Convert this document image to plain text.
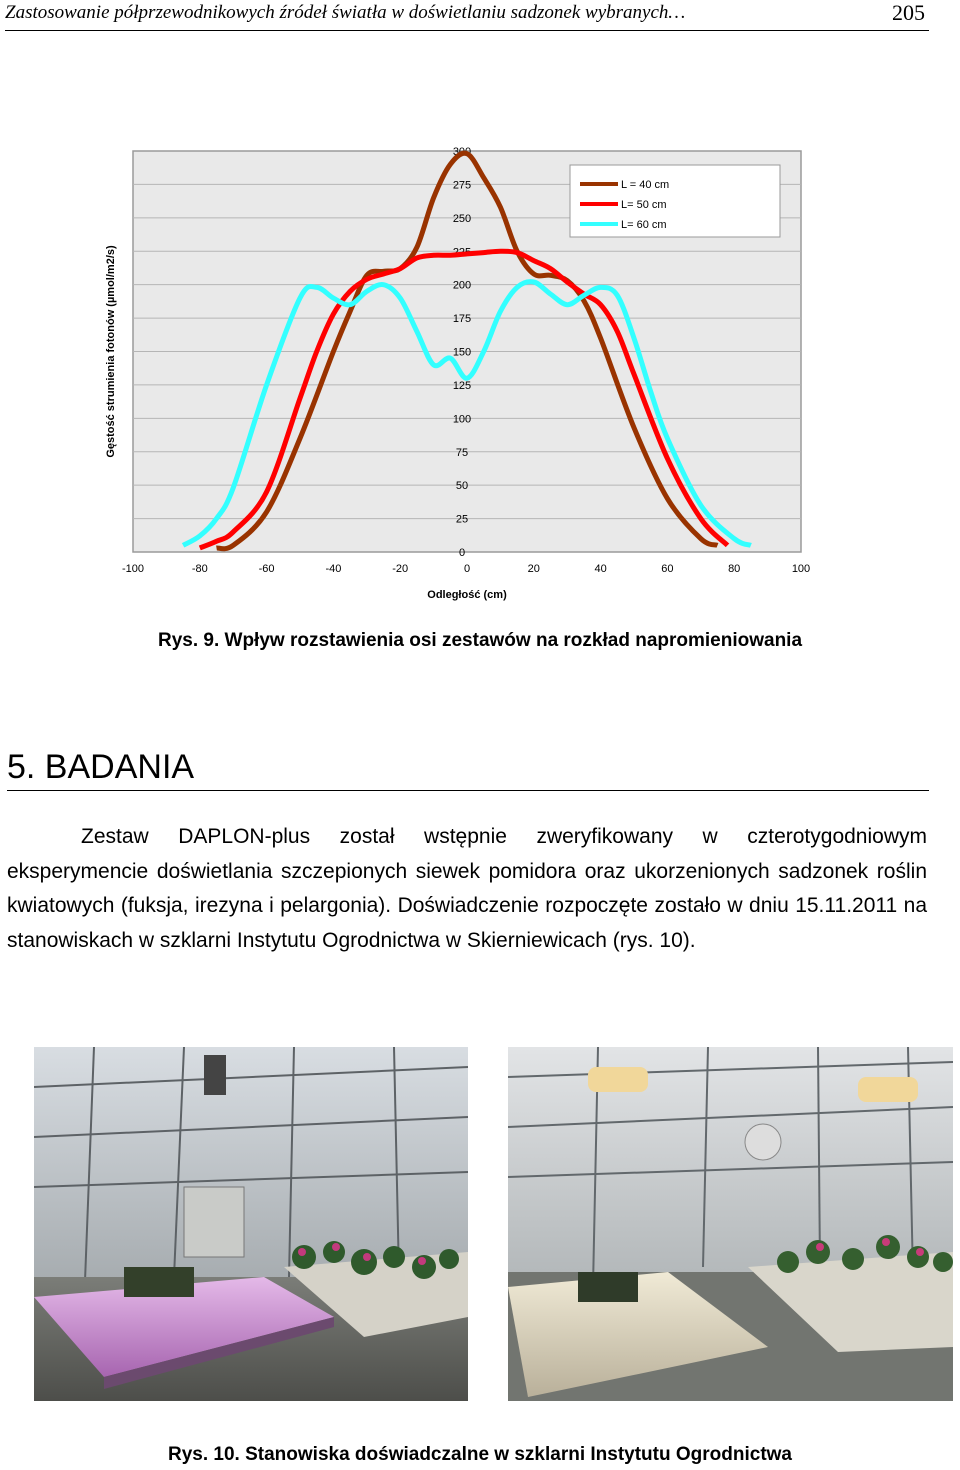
Zastosowanie półprzewodnikowych źródeł światła w doświetlaniu sadzonek wybranych…	205
0
25
50
75
100
125
150
175
200
225
250
275
300
-100	-80	-60	-40	-20	0	20	40	60	80	100
Odległość (cm)
Gęstość strumienia fotonów (µmol/m2/s)
L = 40 cm
L= 50 cm
L= 60 cm
Rys. 9. Wpływ rozstawienia osi zestawów na rozkład napromieniowania
5. BADANIA

Zestaw DAPLON-plus został wstępnie zweryfikowany w czterotygodniowym eksperymencie doświetlania szczepionych siewek pomidora oraz ukorzenionych sadzonek roślin kwiatowych (fuksja, irezyna i pelargonia). Doświadczenie rozpoczęte zostało w dniu 15.11.2011 na stanowiskach w szklarni Instytutu Ogrodnictwa w Skierniewicach (rys. 10).

Rys. 10. Stanowiska doświadczalne w szklarni Instytutu Ogrodnictwa
